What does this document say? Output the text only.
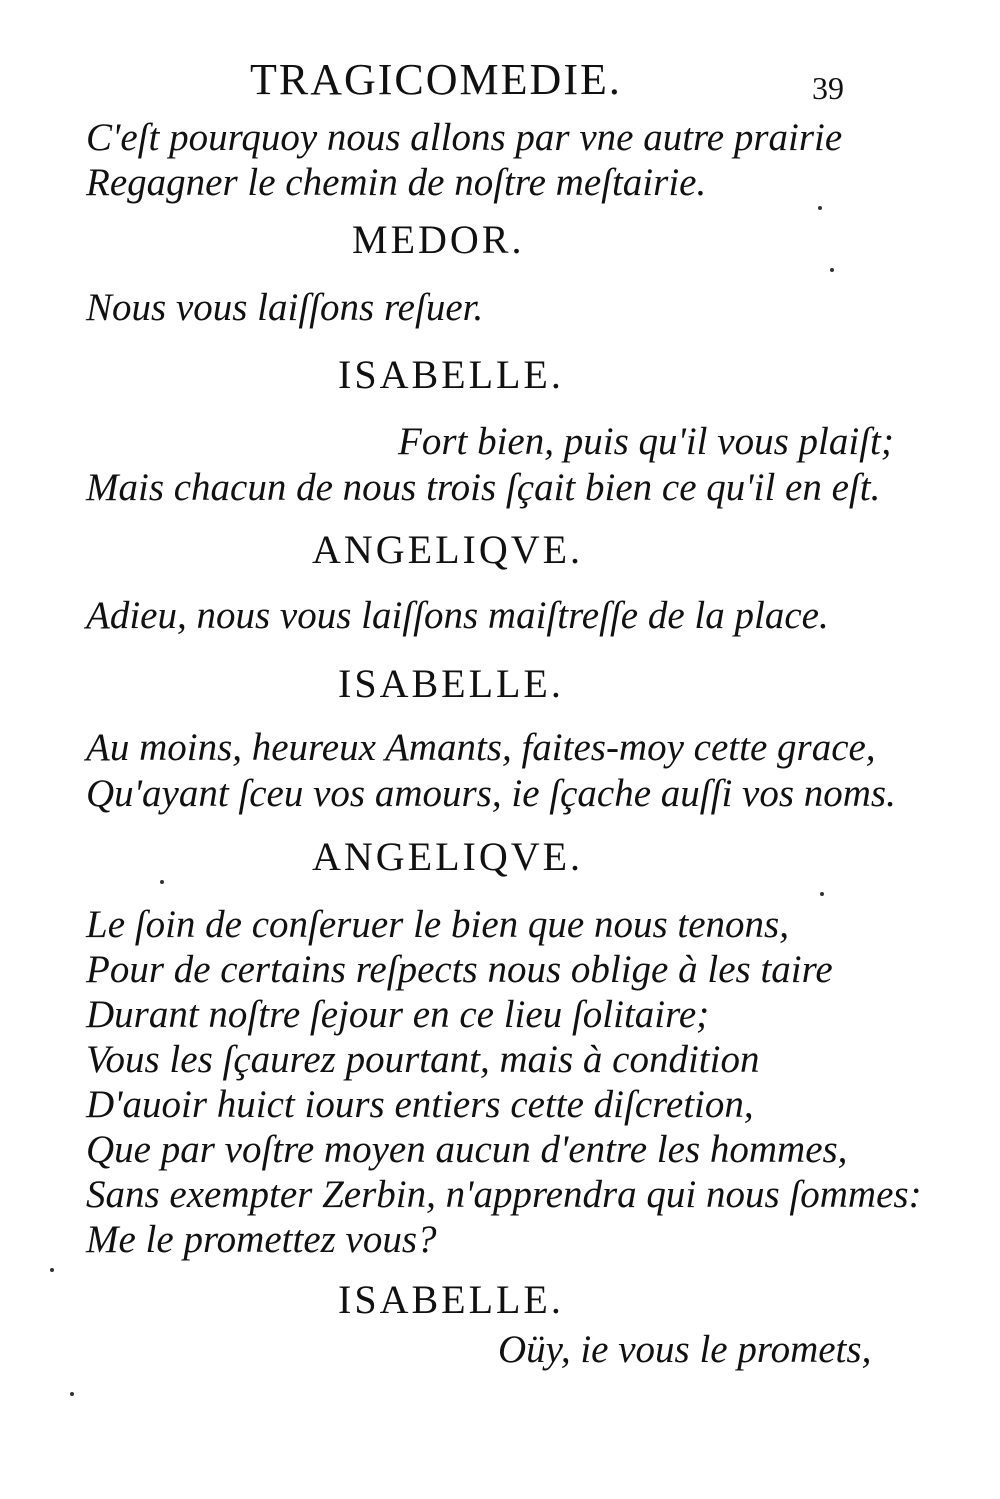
TRAGICOMEDIE.	39

C'eſt pourquoy nous allons par vne autre prairie

Regagner le chemin de noſtre meſtairie.

MEDOR.

Nous vous laiſſons reſuer.

ISABELLE.

Fort bien, puis qu'il vous plaiſt;

Mais chacun de nous trois ſçait bien ce qu'il en eſt.

ANGELIQVE.

Adieu, nous vous laiſſons maiſtreſſe de la place.

ISABELLE.

Au moins, heureux Amants, faites-moy cette grace,

Qu'ayant ſceu vos amours, ie ſçache auſſi vos noms.

ANGELIQVE.

Le ſoin de conſeruer le bien que nous tenons,

Pour de certains reſpects nous oblige à les taire

Durant noſtre ſejour en ce lieu ſolitaire;

Vous les ſçaurez pourtant, mais à condition

D'auoir huict iours entiers cette diſcretion,

Que par voſtre moyen aucun d'entre les hommes,

Sans exempter Zerbin, n'apprendra qui nous ſommes:

Me le promettez vous?

ISABELLE.

Oüy, ie vous le promets,
